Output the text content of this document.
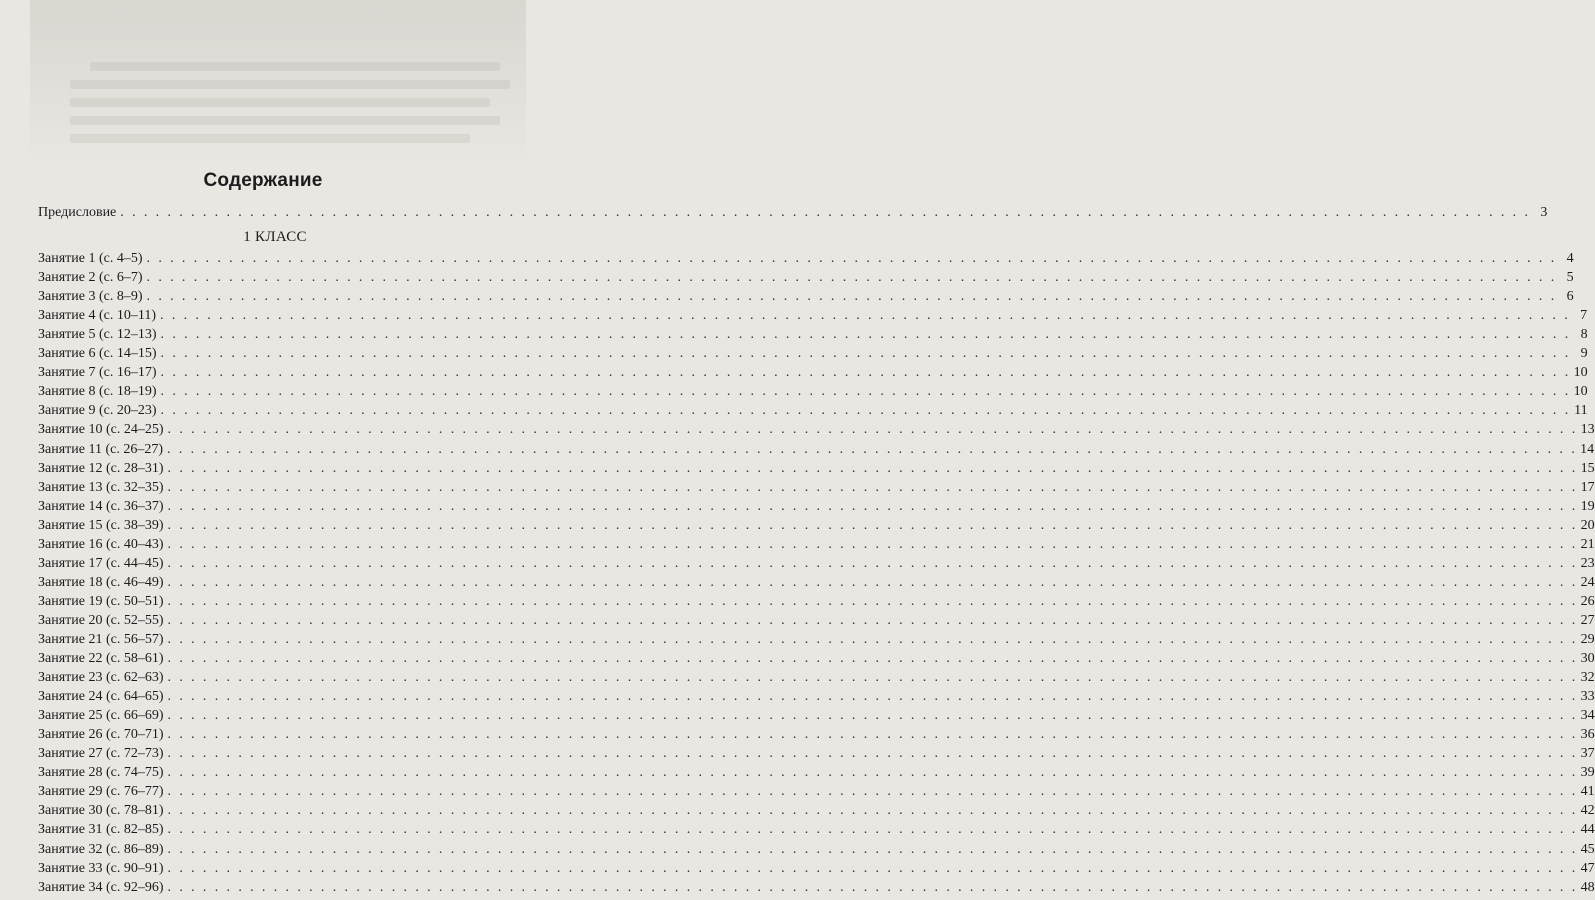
Содержание
Предисловие . . . . . . . . . . . . . . . . . . . . . . . . . . . . . . . . . . . . . . . . . . . . . . . . . . . . . . . . . . . . . . . . . . . . . . . . . . . . . . . . . . . . . . . . . . . . . . . . . . . . . . . . . . . . . . . . . . . . . . . . 3
1 КЛАСС
Занятие 1 (с. 4–5) . . . . . . . . . . . . . . . . . . . . . . . . . . . . . . . . . . . . . . . . . . . . . . . . . . . . . . . . . . . . . . . . . . . . . . . . . . . . . . . . . . . . . . . . . . . . . . . . . . . . . . . . . . . . . . . . . . . . . . . . 4
Занятие 2 (с. 6–7) . . . . . . . . . . . . . . . . . . . . . . . . . . . . . . . . . . . . . . . . . . . . . . . . . . . . . . . . . . . . . . . . . . . . . . . . . . . . . . . . . . . . . . . . . . . . . . . . . . . . . . . . . . . . . . . . . . . . . . . . 5
Занятие 3 (с. 8–9) . . . . . . . . . . . . . . . . . . . . . . . . . . . . . . . . . . . . . . . . . . . . . . . . . . . . . . . . . . . . . . . . . . . . . . . . . . . . . . . . . . . . . . . . . . . . . . . . . . . . . . . . . . . . . . . . . . . . . . . . 6
Занятие 4 (с. 10–11) . . . . . . . . . . . . . . . . . . . . . . . . . . . . . . . . . . . . . . . . . . . . . . . . . . . . . . . . . . . . . . . . . . . . . . . . . . . . . . . . . . . . . . . . . . . . . . . . . . . . . . . . . . . . . . . . . . . . . . . . 7
Занятие 5 (с. 12–13) . . . . . . . . . . . . . . . . . . . . . . . . . . . . . . . . . . . . . . . . . . . . . . . . . . . . . . . . . . . . . . . . . . . . . . . . . . . . . . . . . . . . . . . . . . . . . . . . . . . . . . . . . . . . . . . . . . . . . . . . 8
Занятие 6 (с. 14–15) . . . . . . . . . . . . . . . . . . . . . . . . . . . . . . . . . . . . . . . . . . . . . . . . . . . . . . . . . . . . . . . . . . . . . . . . . . . . . . . . . . . . . . . . . . . . . . . . . . . . . . . . . . . . . . . . . . . . . . . . 9
Занятие 7 (с. 16–17) . . . . . . . . . . . . . . . . . . . . . . . . . . . . . . . . . . . . . . . . . . . . . . . . . . . . . . . . . . . . . . . . . . . . . . . . . . . . . . . . . . . . . . . . . . . . . . . . . . . . . . . . . . . . . . . . . . . . . . . . 10
Занятие 8 (с. 18–19) . . . . . . . . . . . . . . . . . . . . . . . . . . . . . . . . . . . . . . . . . . . . . . . . . . . . . . . . . . . . . . . . . . . . . . . . . . . . . . . . . . . . . . . . . . . . . . . . . . . . . . . . . . . . . . . . . . . . . . . . 10
Занятие 9 (с. 20–23) . . . . . . . . . . . . . . . . . . . . . . . . . . . . . . . . . . . . . . . . . . . . . . . . . . . . . . . . . . . . . . . . . . . . . . . . . . . . . . . . . . . . . . . . . . . . . . . . . . . . . . . . . . . . . . . . . . . . . . . . 11
Занятие 10 (с. 24–25) . . . . . . . . . . . . . . . . . . . . . . . . . . . . . . . . . . . . . . . . . . . . . . . . . . . . . . . . . . . . . . . . . . . . . . . . . . . . . . . . . . . . . . . . . . . . . . . . . . . . . . . . . . . . . . . . . . . . . . . . 13
Занятие 11 (с. 26–27) . . . . . . . . . . . . . . . . . . . . . . . . . . . . . . . . . . . . . . . . . . . . . . . . . . . . . . . . . . . . . . . . . . . . . . . . . . . . . . . . . . . . . . . . . . . . . . . . . . . . . . . . . . . . . . . . . . . . . . . . 14
Занятие 12 (с. 28–31) . . . . . . . . . . . . . . . . . . . . . . . . . . . . . . . . . . . . . . . . . . . . . . . . . . . . . . . . . . . . . . . . . . . . . . . . . . . . . . . . . . . . . . . . . . . . . . . . . . . . . . . . . . . . . . . . . . . . . . . . 15
Занятие 13 (с. 32–35) . . . . . . . . . . . . . . . . . . . . . . . . . . . . . . . . . . . . . . . . . . . . . . . . . . . . . . . . . . . . . . . . . . . . . . . . . . . . . . . . . . . . . . . . . . . . . . . . . . . . . . . . . . . . . . . . . . . . . . . . 17
Занятие 14 (с. 36–37) . . . . . . . . . . . . . . . . . . . . . . . . . . . . . . . . . . . . . . . . . . . . . . . . . . . . . . . . . . . . . . . . . . . . . . . . . . . . . . . . . . . . . . . . . . . . . . . . . . . . . . . . . . . . . . . . . . . . . . . . 19
Занятие 15 (с. 38–39) . . . . . . . . . . . . . . . . . . . . . . . . . . . . . . . . . . . . . . . . . . . . . . . . . . . . . . . . . . . . . . . . . . . . . . . . . . . . . . . . . . . . . . . . . . . . . . . . . . . . . . . . . . . . . . . . . . . . . . . . 20
Занятие 16 (с. 40–43) . . . . . . . . . . . . . . . . . . . . . . . . . . . . . . . . . . . . . . . . . . . . . . . . . . . . . . . . . . . . . . . . . . . . . . . . . . . . . . . . . . . . . . . . . . . . . . . . . . . . . . . . . . . . . . . . . . . . . . . . 21
Занятие 17 (с. 44–45) . . . . . . . . . . . . . . . . . . . . . . . . . . . . . . . . . . . . . . . . . . . . . . . . . . . . . . . . . . . . . . . . . . . . . . . . . . . . . . . . . . . . . . . . . . . . . . . . . . . . . . . . . . . . . . . . . . . . . . . . 23
Занятие 18 (с. 46–49) . . . . . . . . . . . . . . . . . . . . . . . . . . . . . . . . . . . . . . . . . . . . . . . . . . . . . . . . . . . . . . . . . . . . . . . . . . . . . . . . . . . . . . . . . . . . . . . . . . . . . . . . . . . . . . . . . . . . . . . . 24
Занятие 19 (с. 50–51) . . . . . . . . . . . . . . . . . . . . . . . . . . . . . . . . . . . . . . . . . . . . . . . . . . . . . . . . . . . . . . . . . . . . . . . . . . . . . . . . . . . . . . . . . . . . . . . . . . . . . . . . . . . . . . . . . . . . . . . . 26
Занятие 20 (с. 52–55) . . . . . . . . . . . . . . . . . . . . . . . . . . . . . . . . . . . . . . . . . . . . . . . . . . . . . . . . . . . . . . . . . . . . . . . . . . . . . . . . . . . . . . . . . . . . . . . . . . . . . . . . . . . . . . . . . . . . . . . . 27
Занятие 21 (с. 56–57) . . . . . . . . . . . . . . . . . . . . . . . . . . . . . . . . . . . . . . . . . . . . . . . . . . . . . . . . . . . . . . . . . . . . . . . . . . . . . . . . . . . . . . . . . . . . . . . . . . . . . . . . . . . . . . . . . . . . . . . . 29
Занятие 22 (с. 58–61) . . . . . . . . . . . . . . . . . . . . . . . . . . . . . . . . . . . . . . . . . . . . . . . . . . . . . . . . . . . . . . . . . . . . . . . . . . . . . . . . . . . . . . . . . . . . . . . . . . . . . . . . . . . . . . . . . . . . . . . . 30
Занятие 23 (с. 62–63) . . . . . . . . . . . . . . . . . . . . . . . . . . . . . . . . . . . . . . . . . . . . . . . . . . . . . . . . . . . . . . . . . . . . . . . . . . . . . . . . . . . . . . . . . . . . . . . . . . . . . . . . . . . . . . . . . . . . . . . . 32
Занятие 24 (с. 64–65) . . . . . . . . . . . . . . . . . . . . . . . . . . . . . . . . . . . . . . . . . . . . . . . . . . . . . . . . . . . . . . . . . . . . . . . . . . . . . . . . . . . . . . . . . . . . . . . . . . . . . . . . . . . . . . . . . . . . . . . . 33
Занятие 25 (с. 66–69) . . . . . . . . . . . . . . . . . . . . . . . . . . . . . . . . . . . . . . . . . . . . . . . . . . . . . . . . . . . . . . . . . . . . . . . . . . . . . . . . . . . . . . . . . . . . . . . . . . . . . . . . . . . . . . . . . . . . . . . . 34
Занятие 26 (с. 70–71) . . . . . . . . . . . . . . . . . . . . . . . . . . . . . . . . . . . . . . . . . . . . . . . . . . . . . . . . . . . . . . . . . . . . . . . . . . . . . . . . . . . . . . . . . . . . . . . . . . . . . . . . . . . . . . . . . . . . . . . . 36
Занятие 27 (с. 72–73) . . . . . . . . . . . . . . . . . . . . . . . . . . . . . . . . . . . . . . . . . . . . . . . . . . . . . . . . . . . . . . . . . . . . . . . . . . . . . . . . . . . . . . . . . . . . . . . . . . . . . . . . . . . . . . . . . . . . . . . . 37
Занятие 28 (с. 74–75) . . . . . . . . . . . . . . . . . . . . . . . . . . . . . . . . . . . . . . . . . . . . . . . . . . . . . . . . . . . . . . . . . . . . . . . . . . . . . . . . . . . . . . . . . . . . . . . . . . . . . . . . . . . . . . . . . . . . . . . . 39
Занятие 29 (с. 76–77) . . . . . . . . . . . . . . . . . . . . . . . . . . . . . . . . . . . . . . . . . . . . . . . . . . . . . . . . . . . . . . . . . . . . . . . . . . . . . . . . . . . . . . . . . . . . . . . . . . . . . . . . . . . . . . . . . . . . . . . . 41
Занятие 30 (с. 78–81) . . . . . . . . . . . . . . . . . . . . . . . . . . . . . . . . . . . . . . . . . . . . . . . . . . . . . . . . . . . . . . . . . . . . . . . . . . . . . . . . . . . . . . . . . . . . . . . . . . . . . . . . . . . . . . . . . . . . . . . . 42
Занятие 31 (с. 82–85) . . . . . . . . . . . . . . . . . . . . . . . . . . . . . . . . . . . . . . . . . . . . . . . . . . . . . . . . . . . . . . . . . . . . . . . . . . . . . . . . . . . . . . . . . . . . . . . . . . . . . . . . . . . . . . . . . . . . . . . . 44
Занятие 32 (с. 86–89) . . . . . . . . . . . . . . . . . . . . . . . . . . . . . . . . . . . . . . . . . . . . . . . . . . . . . . . . . . . . . . . . . . . . . . . . . . . . . . . . . . . . . . . . . . . . . . . . . . . . . . . . . . . . . . . . . . . . . . . . 45
Занятие 33 (с. 90–91) . . . . . . . . . . . . . . . . . . . . . . . . . . . . . . . . . . . . . . . . . . . . . . . . . . . . . . . . . . . . . . . . . . . . . . . . . . . . . . . . . . . . . . . . . . . . . . . . . . . . . . . . . . . . . . . . . . . . . . . . 47
Занятие 34 (с. 92–96) . . . . . . . . . . . . . . . . . . . . . . . . . . . . . . . . . . . . . . . . . . . . . . . . . . . . . . . . . . . . . . . . . . . . . . . . . . . . . . . . . . . . . . . . . . . . . . . . . . . . . . . . . . . . . . . . . . . . . . . . 48
